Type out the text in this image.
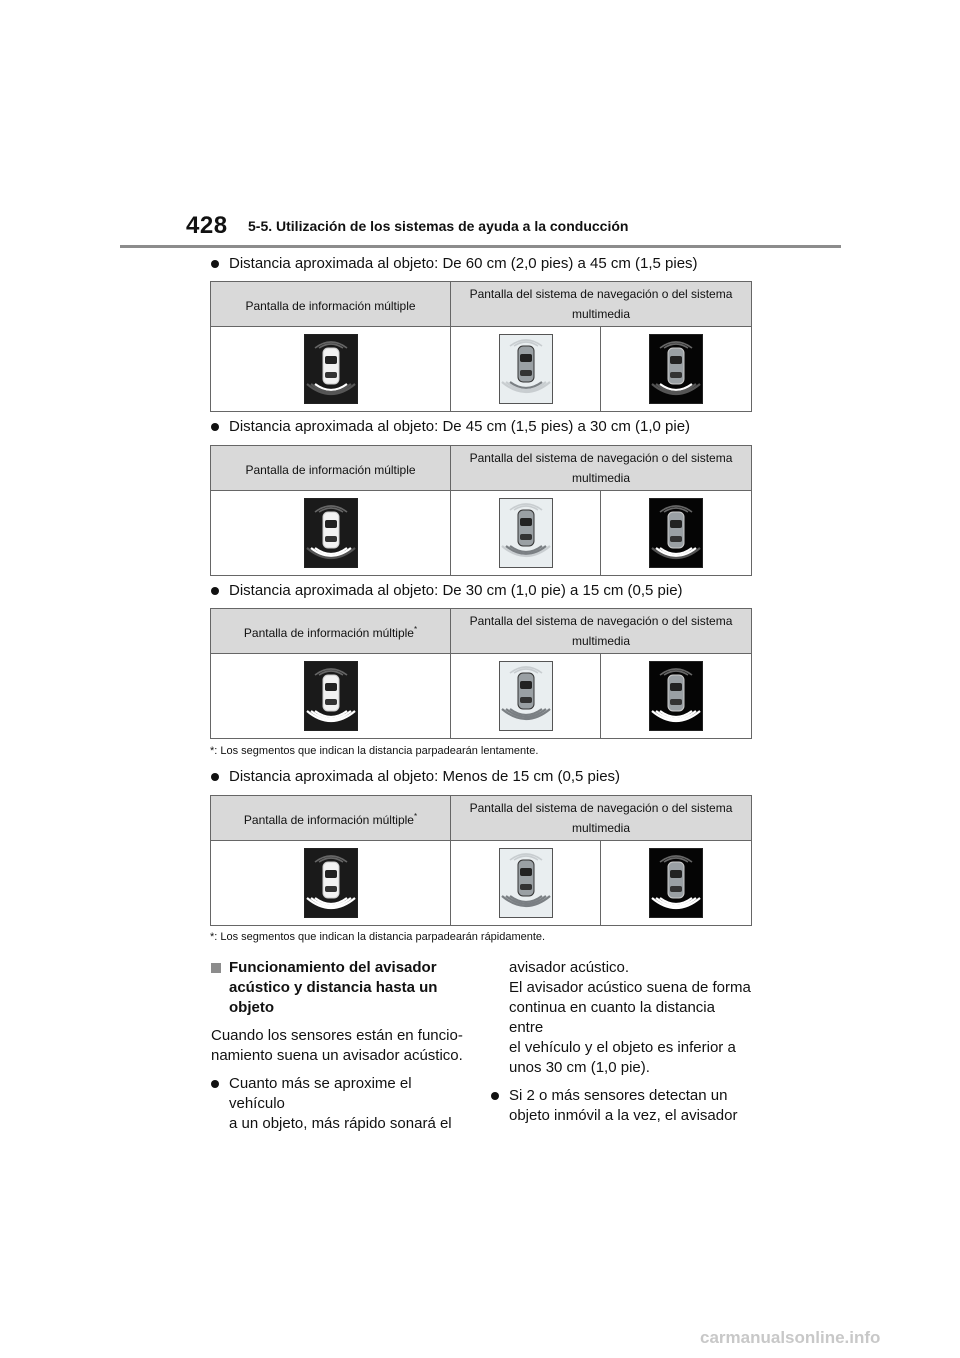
428 5-5. Utilización de los sistemas de ayuda a la conducción
Distancia aproximada al objeto: De 60 cm (2,0 pies) a 45 cm (1,5 pies)
Pantalla de información múltiple	Pantalla del sistema de navegación o del sistema multimedia	

Distancia aproximada al objeto: De 45 cm (1,5 pies) a 30 cm (1,0 pie)
Pantalla de información múltiple	Pantalla del sistema de navegación o del sistema multimedia	

Distancia aproximada al objeto: De 30 cm (1,0 pie) a 15 cm (0,5 pie)
Pantalla de información múltiple*	Pantalla del sistema de navegación o del sistema multimedia	

*: Los segmentos que indican la distancia parpadearán lentamente.
Distancia aproximada al objeto: Menos de 15 cm (0,5 pies)
Pantalla de información múltiple*	Pantalla del sistema de navegación o del sistema multimedia	

*: Los segmentos que indican la distancia parpadearán rápidamente.
Funcionamiento del avisador
acústico y distancia hasta un
objeto
Cuando los sensores están en funcio-
namiento suena un avisador acústico.
Cuanto más se aproxime el vehículo
a un objeto, más rápido sonará el
avisador acústico.
El avisador acústico suena de forma
continua en cuanto la distancia entre
el vehículo y el objeto es inferior a
unos 30 cm (1,0 pie).
Si 2 o más sensores detectan un
objeto inmóvil a la vez, el avisador
carmanualsonline.info
